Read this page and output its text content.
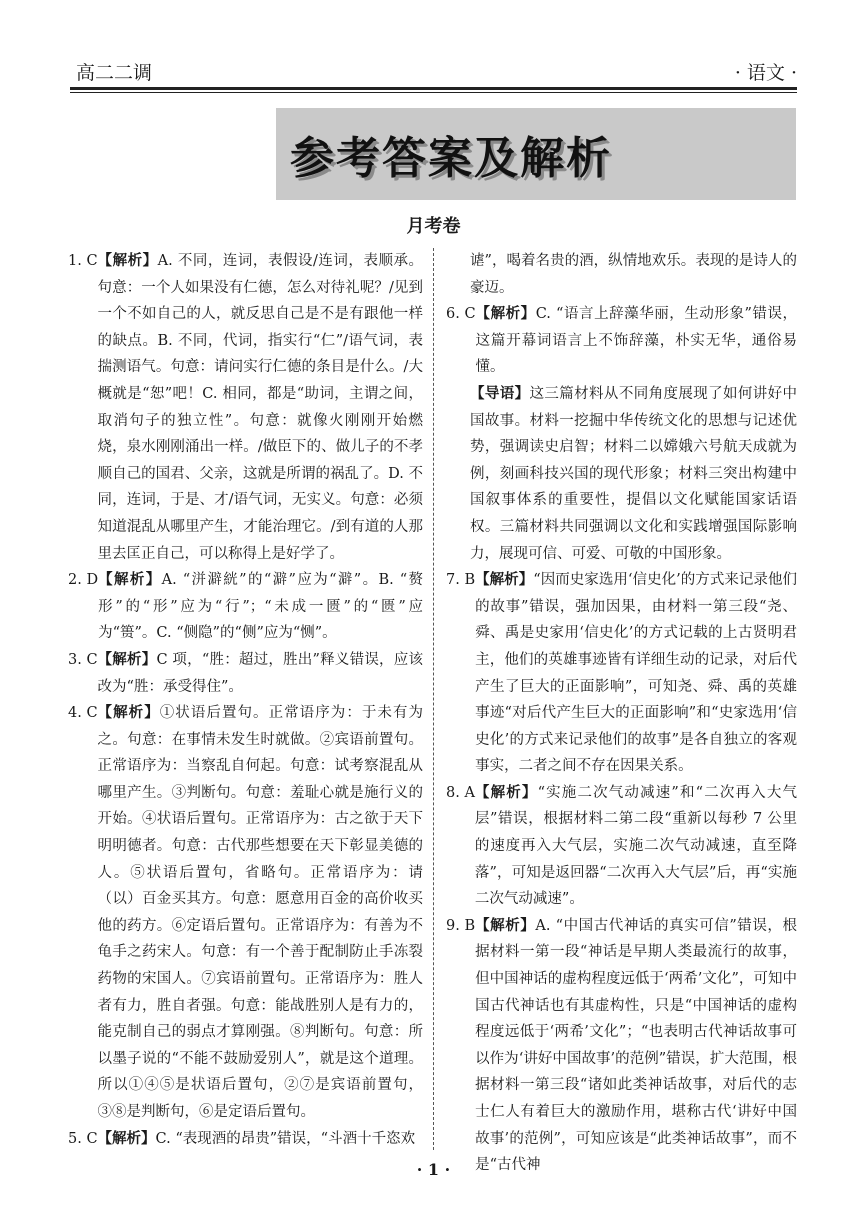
高二二调	· 语文 ·
参考答案及解析
月考卷
1. C 【解析】A. 不同，连词，表假设/连词，表顺承。句意：一个人如果没有仁德，怎么对待礼呢？/见到一个不如自己的人，就反思自己是不是有跟他一样的缺点。B. 不同，代词，指实行“仁”/语气词，表揣测语气。句意：请问实行仁德的条目是什么。/大概就是“恕”吧！C. 相同，都是“助词，主谓之间，取消句子的独立性”。句意：就像火刚刚开始燃烧，泉水刚刚涌出一样。/做臣下的、做儿子的不孝顺自己的国君、父亲，这就是所谓的祸乱了。D. 不同，连词，于是、才/语气词，无实义。句意：必须知道混乱从哪里产生，才能治理它。/到有道的人那里去匡正自己，可以称得上是好学了。
2. D 【解析】A. “洴澼絖”的“澼”应为“澼”。B. “赘形”的“形”应为“行”；“未成一匮”的“匮”应为“篑”。C. “侧隐”的“侧”应为“恻”。
3. C 【解析】C 项，“胜：超过，胜出”释义错误，应该改为“胜：承受得住”。
4. C 【解析】①状语后置句。正常语序为：于未有为之。句意：在事情未发生时就做。②宾语前置句。正常语序为：当察乱自何起。句意：试考察混乱从哪里产生。③判断句。句意：羞耻心就是施行义的开始。④状语后置句。正常语序为：古之欲于天下明明德者。句意：古代那些想要在天下彰显美德的人。⑤状语后置句，省略句。正常语序为：请（以）百金买其方。句意：愿意用百金的高价收买他的药方。⑥定语后置句。正常语序为：有善为不龟手之药宋人。句意：有一个善于配制防止手冻裂药物的宋国人。⑦宾语前置句。正常语序为：胜人者有力，胜自者强。句意：能战胜别人是有力的，能克制自己的弱点才算刚强。⑧判断句。句意：所以墨子说的“不能不鼓励爱别人”，就是这个道理。所以①④⑤是状语后置句，②⑦是宾语前置句，③⑧是判断句，⑥是定语后置句。
5. C 【解析】C. “表现酒的昂贵”错误，“斗酒十千恣欢
谑”，喝着名贵的酒，纵情地欢乐。表现的是诗人的豪迈。
6. C 【解析】C. “语言上辞藻华丽，生动形象”错误，这篇开幕词语言上不饰辞藻，朴实无华，通俗易懂。
【导语】这三篇材料从不同角度展现了如何讲好中国故事。材料一挖掘中华传统文化的思想与记述优势，强调读史启智；材料二以嫦娥六号航天成就为例，刻画科技兴国的现代形象；材料三突出构建中国叙事体系的重要性，提倡以文化赋能国家话语权。三篇材料共同强调以文化和实践增强国际影响力，展现可信、可爱、可敬的中国形象。
7. B 【解析】“因而史家选用‘信史化’的方式来记录他们的故事”错误，强加因果，由材料一第三段“尧、舜、禹是史家用‘信史化’的方式记载的上古贤明君主，他们的英雄事迹皆有详细生动的记录，对后代产生了巨大的正面影响”，可知尧、舜、禹的英雄事迹“对后代产生巨大的正面影响”和“史家选用‘信史化’的方式来记录他们的故事”是各自独立的客观事实，二者之间不存在因果关系。
8. A 【解析】“实施二次气动减速”和“二次再入大气层”错误，根据材料二第二段“重新以每秒 7 公里的速度再入大气层，实施二次气动减速，直至降落”，可知是返回器“二次再入大气层”后，再“实施二次气动减速”。
9. B 【解析】A. “中国古代神话的真实可信”错误，根据材料一第一段“神话是早期人类最流行的故事，但中国神话的虚构程度远低于‘两希’文化”，可知中国古代神话也有其虚构性，只是“中国神话的虚构程度远低于‘两希’文化”；“也表明古代神话故事可以作为‘讲好中国故事’的范例”错误，扩大范围，根据材料一第三段“诸如此类神话故事，对后代的志士仁人有着巨大的激励作用，堪称古代‘讲好中国故事’的范例”，可知应该是“此类神话故事”，而不是“古代神
· 1 ·
